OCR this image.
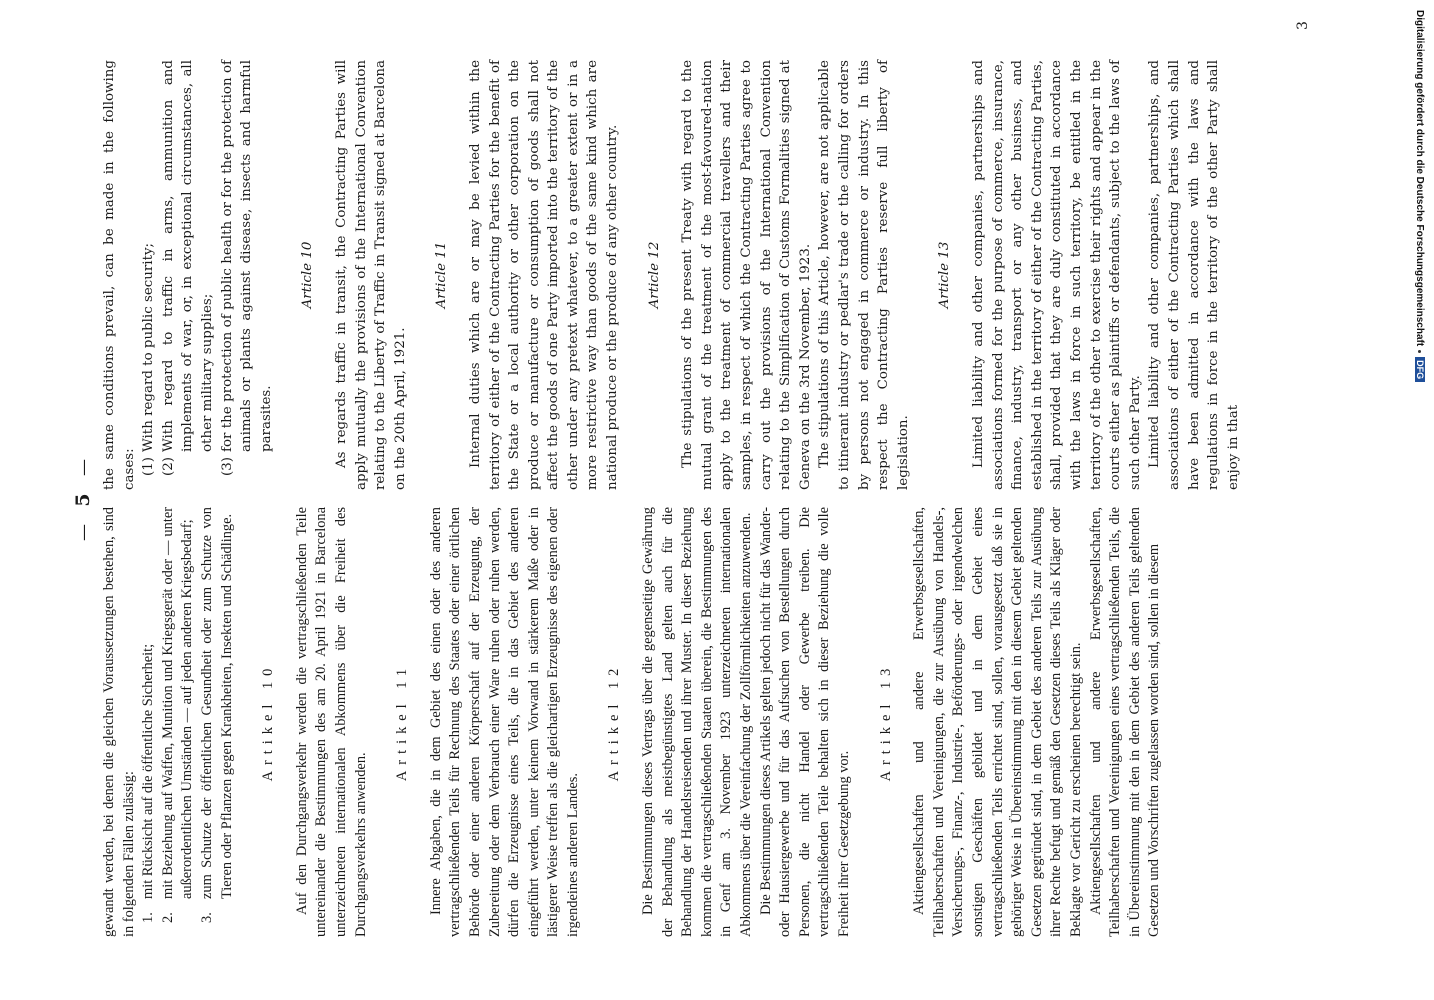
— 5 —

gewandt werden, bei denen die gleichen Voraussetzungen bestehen, sind in folgenden Fällen zulässig: 1.
mit Rücksicht auf die öffentliche Sicherheit;
2.
mit Beziehung auf Waffen, Munition und Kriegsgerät oder — unter außerordentlichen Umständen — auf jeden anderen Kriegsbedarf;
3.
zum Schutze der öffentlichen Gesundheit oder zum Schutze von Tieren oder Pflanzen gegen Krankheiten, Insekten und Schädlinge. Artikel 10 Auf den Durchgangsverkehr werden die vertragschließenden Teile untereinander die Bestimmungen des am 20. April 1921 in Barcelona unterzeichneten internationalen Abkommens über die Freiheit des Durchgangsverkehrs anwenden.

Artikel 11 Innere Abgaben, die in dem Gebiet des einen oder des anderen vertragschließenden Teils für Rechnung des Staates oder einer örtlichen Behörde oder einer anderen Körperschaft auf der Erzeugung, der Zubereitung oder dem Verbrauch einer Ware ruhen oder ruhen werden, dürfen die Erzeugnisse eines Teils, die in das Gebiet des anderen eingeführt werden, unter keinem Vorwand in stärkerem Maße oder in lästigerer Weise treffen als die gleichartigen Erzeugnisse des eigenen oder irgendeines anderen Landes.

Artikel 12 Die Bestimmungen dieses Vertrags über die gegenseitige Gewährung der Behandlung als meistbegünstigtes Land gelten auch für die Behandlung der Handelsreisenden und ihrer Muster. In dieser Beziehung kommen die vertragschließenden Staaten überein, die Bestimmungen des in Genf am 3. November 1923 unterzeichneten internationalen Abkommens über die Vereinfachung der Zollförmlichkeiten anzuwenden. Die Bestimmungen dieses Artikels gelten jedoch nicht für das Wander- oder Hausiergewerbe und für das Aufsuchen von Bestellungen durch Personen, die nicht Handel oder Gewerbe treiben. Die vertragschließenden Teile behalten sich in dieser Beziehung die volle Freiheit ihrer Gesetzgebung vor.

Artikel 13 Aktiengesellschaften und andere Erwerbsgesellschaften, Teilhaberschaften und Vereinigungen, die zur Ausübung von Handels-, Versicherungs-, Finanz-, Industrie-, Beförderungs- oder irgendwelchen sonstigen Geschäften gebildet und in dem Gebiet eines vertragschließenden Teils errichtet sind, sollen, vorausgesetzt daß sie in gehöriger Weise in Übereinstimmung mit den in diesem Gebiet geltenden Gesetzen gegründet sind, in dem Gebiet des anderen Teils zur Ausübung ihrer Rechte befugt und gemäß den Gesetzen dieses Teils als Kläger oder Beklagte vor Gericht zu erscheinen berechtigt sein. Aktiengesellschaften und andere Erwerbsgesellschaften, Teilhaberschaften und Vereinigungen eines vertragschließenden Teils, die in Übereinstimmung mit den in dem Gebiet des anderen Teils geltenden Gesetzen und Vorschriften zugelassen worden sind, sollen in diesem

the same conditions prevail, can be made in the following cases: (1)
With regard to public security;
(2)
With regard to traffic in arms, ammunition and implements of war, or, in exceptional circumstances, all other military supplies;
(3)
for the protection of public health or for the protection of animals or plants against disease, insects and harmful parasites.
Article 10 As regards traffic in transit, the Contracting Parties will apply mutually the provisions of the International Convention relating to the Liberty of Traffic in Transit signed at Barcelona on the 20th April, 1921.

Article 11 Internal duties which are or may be levied within the territory of either of the Contracting Parties for the benefit of the State or a local authority or other corporation on the produce or manufacture or consumption of goods shall not affect the goods of one Party imported into the territory of the other under any pretext whatever, to a greater extent or in a more restrictive way than goods of the same kind which are national produce or the produce of any other country. Article 12 The stipulations of the present Treaty with regard to the mutual grant of the treatment of the most-favoured-nation apply to the treatment of commercial travellers and their samples, in respect of which the Contracting Parties agree to carry out the provisions of the International Convention relating to the Simplification of Customs Formalities signed at Geneva on the 3rd November, 1923. The stipulations of this Article, however, are not applicable to itinerant industry or pedlar's trade or the calling for orders by persons not engaged in commerce or industry. In this respect the Contracting Parties reserve full liberty of legislation.

Article 13 Limited liability and other companies, partnerships and associations formed for the purpose of commerce, insurance, finance, industry, transport or any other business, and established in the territory of either of the Contracting Parties, shall, provided that they are duly constituted in accordance with the laws in force in such territory, be entitled in the territory of the other to exercise their rights and appear in the courts either as plaintiffs or defendants, subject to the laws of such other Party. Limited liability and other companies, partnerships, and associations of either of the Contracting Parties which shall have been admitted in accordance with the laws and regulations in force in the territory of the other Party shall enjoy in that

3	Digitalisierung gefördert durch die Deutsche Forschungsgemeinschaft
DFG
